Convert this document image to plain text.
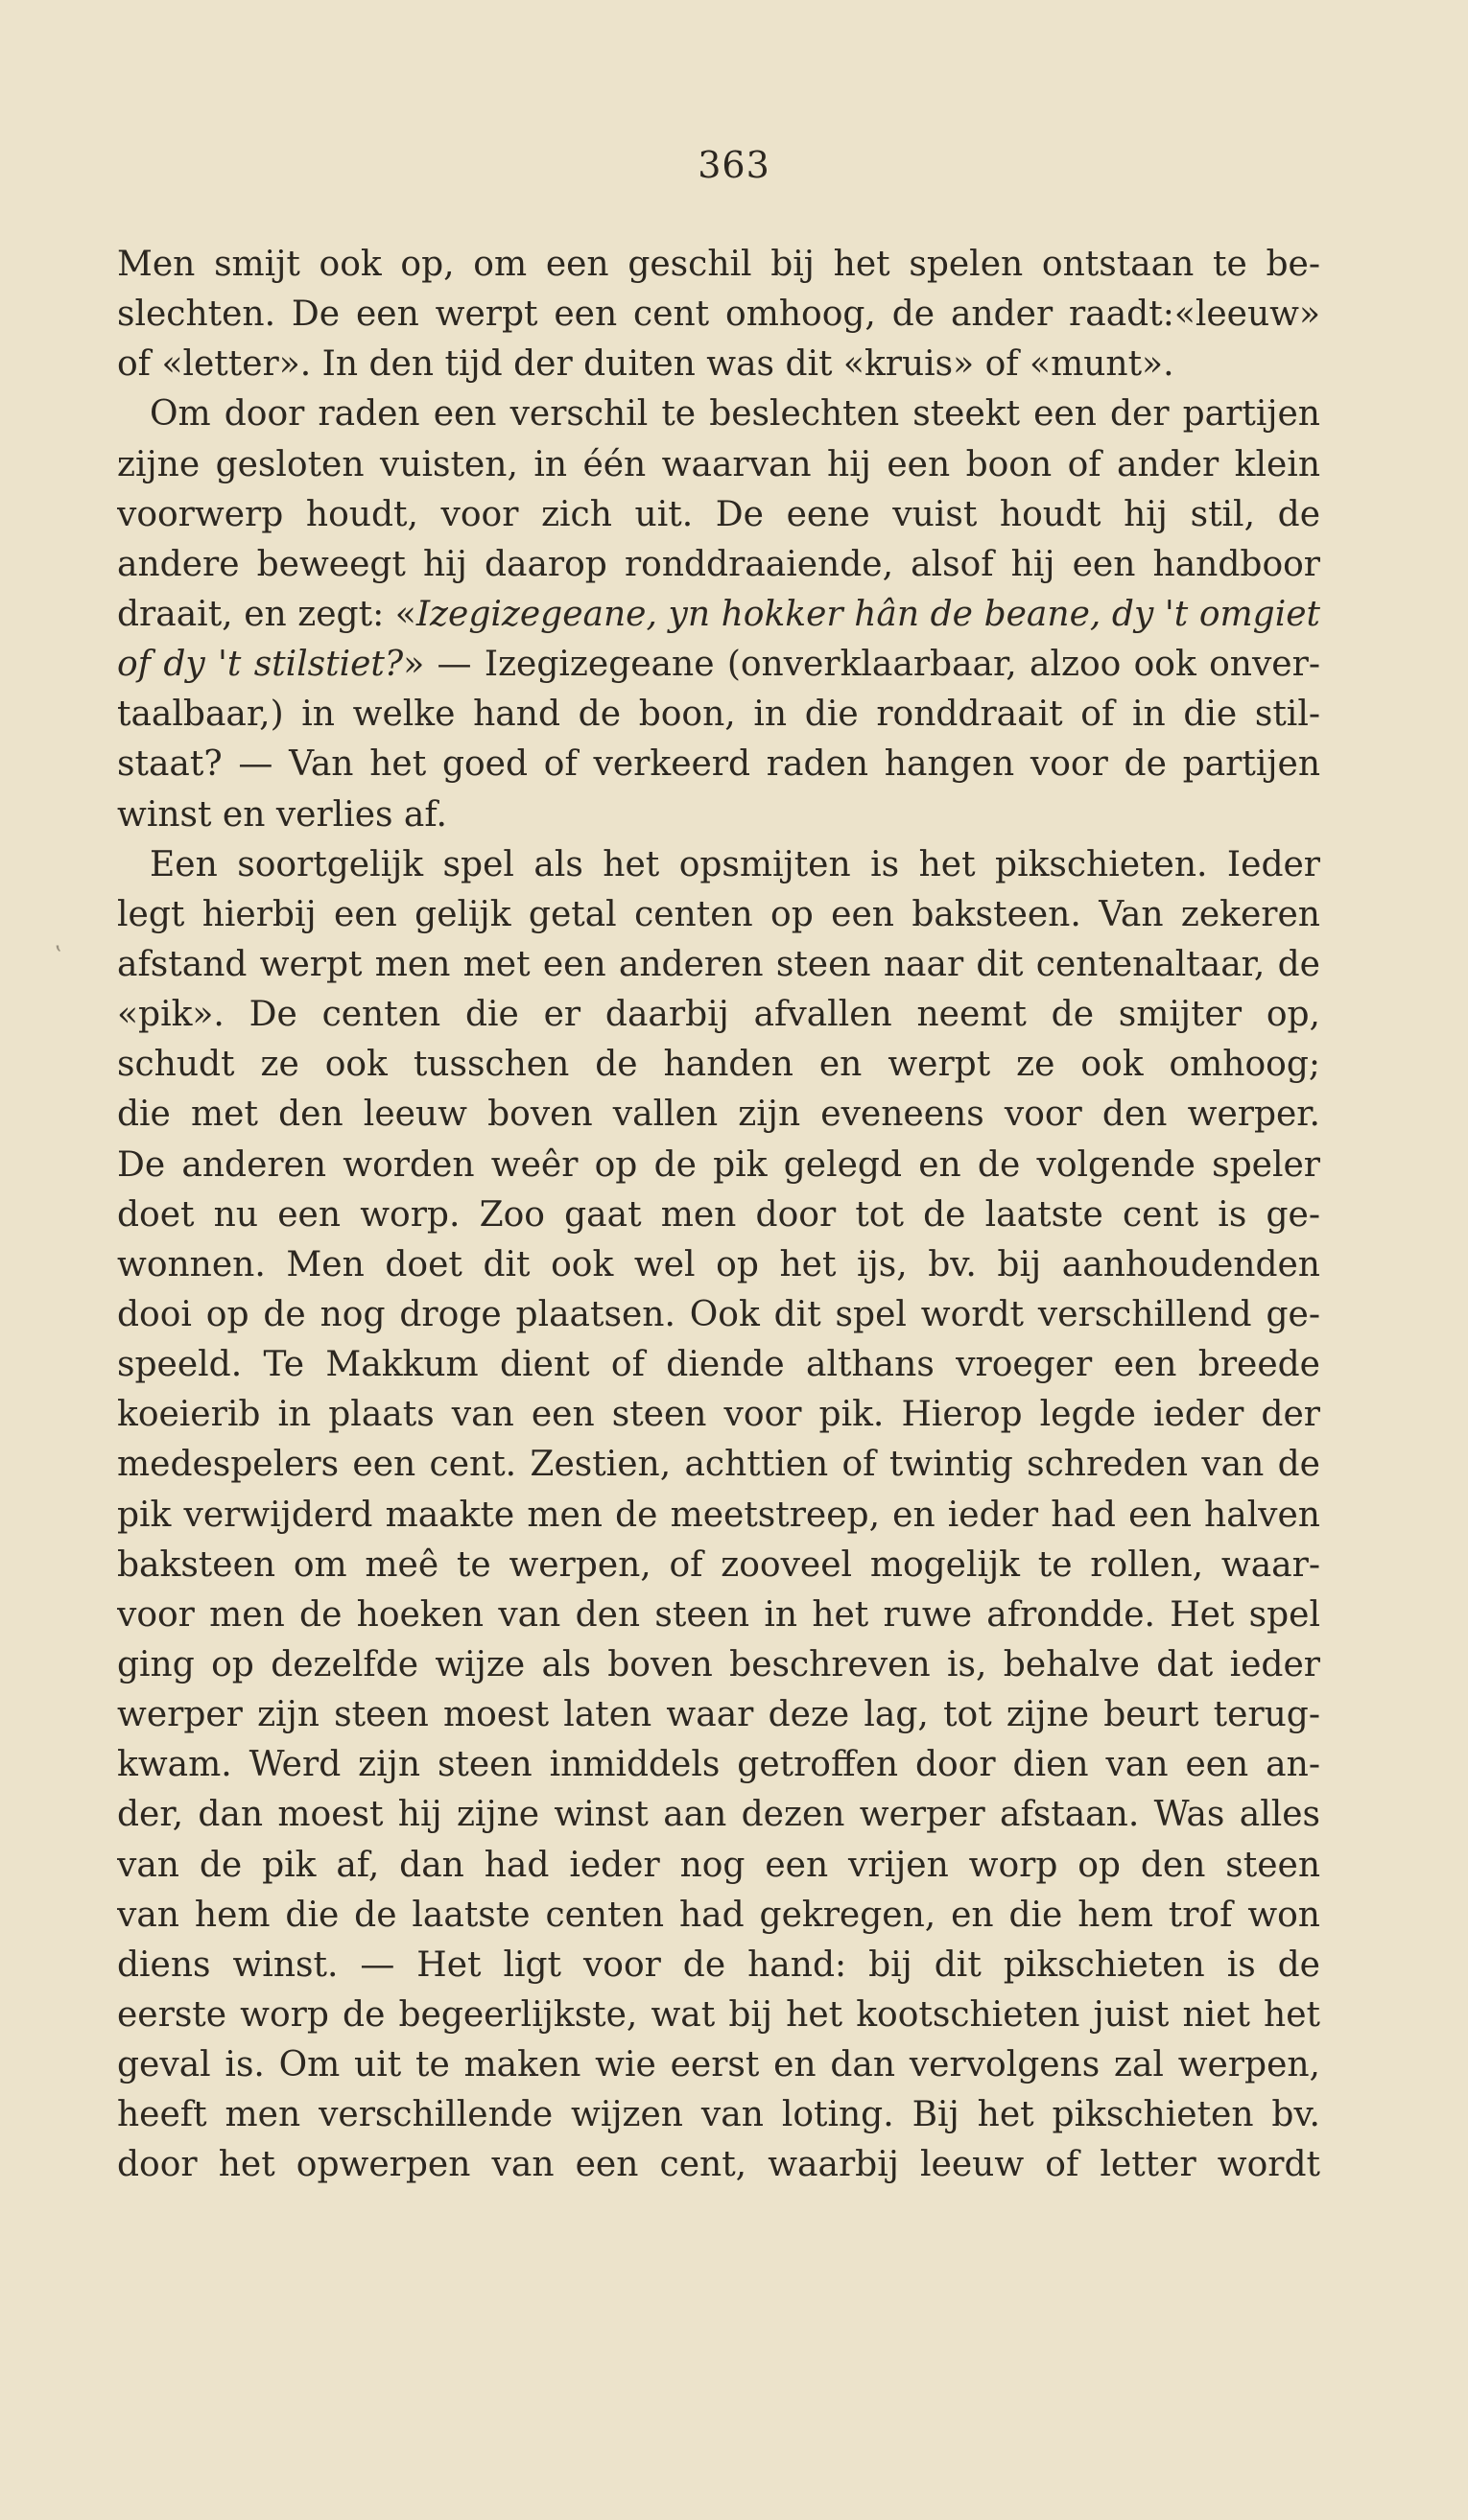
363
ʽ
Men smijt ook op, om een geschil bij het spelen ontstaan te be-
slechten. De een werpt een cent omhoog, de ander raadt:«leeuw»
of «letter». In den tijd der duiten was dit «kruis» of «munt».
Om door raden een verschil te beslechten steekt een der partijen
zijne gesloten vuisten, in één waarvan hij een boon of ander klein
voorwerp houdt, voor zich uit. De eene vuist houdt hij stil, de
andere beweegt hij daarop ronddraaiende, alsof hij een handboor
draait, en zegt: «Izegizegeane, yn hokker hân de beane, dy 't omgiet
of dy 't stilstiet?» — Izegizegeane (onverklaarbaar, alzoo ook onver-
taalbaar,) in welke hand de boon, in die ronddraait of in die stil-
staat? — Van het goed of verkeerd raden hangen voor de partijen
winst en verlies af.
Een soortgelijk spel als het opsmijten is het pikschieten. Ieder
legt hierbij een gelijk getal centen op een baksteen. Van zekeren
afstand werpt men met een anderen steen naar dit centenaltaar, de
«pik». De centen die er daarbij afvallen neemt de smijter op,
schudt ze ook tusschen de handen en werpt ze ook omhoog;
die met den leeuw boven vallen zijn eveneens voor den werper.
De anderen worden weêr op de pik gelegd en de volgende speler
doet nu een worp. Zoo gaat men door tot de laatste cent is ge-
wonnen. Men doet dit ook wel op het ijs, bv. bij aanhoudenden
dooi op de nog droge plaatsen. Ook dit spel wordt verschillend ge-
speeld. Te Makkum dient of diende althans vroeger een breede
koeierib in plaats van een steen voor pik. Hierop legde ieder der
medespelers een cent. Zestien, achttien of twintig schreden van de
pik verwijderd maakte men de meetstreep, en ieder had een halven
baksteen om meê te werpen, of zooveel mogelijk te rollen, waar-
voor men de hoeken van den steen in het ruwe afrondde. Het spel
ging op dezelfde wijze als boven beschreven is, behalve dat ieder
werper zijn steen moest laten waar deze lag, tot zijne beurt terug-
kwam. Werd zijn steen inmiddels getroffen door dien van een an-
der, dan moest hij zijne winst aan dezen werper afstaan. Was alles
van de pik af, dan had ieder nog een vrijen worp op den steen
van hem die de laatste centen had gekregen, en die hem trof won
diens winst. — Het ligt voor de hand: bij dit pikschieten is de
eerste worp de begeerlijkste, wat bij het kootschieten juist niet het
geval is. Om uit te maken wie eerst en dan vervolgens zal werpen,
heeft men verschillende wijzen van loting. Bij het pikschieten bv.
door het opwerpen van een cent, waarbij leeuw of letter wordt
